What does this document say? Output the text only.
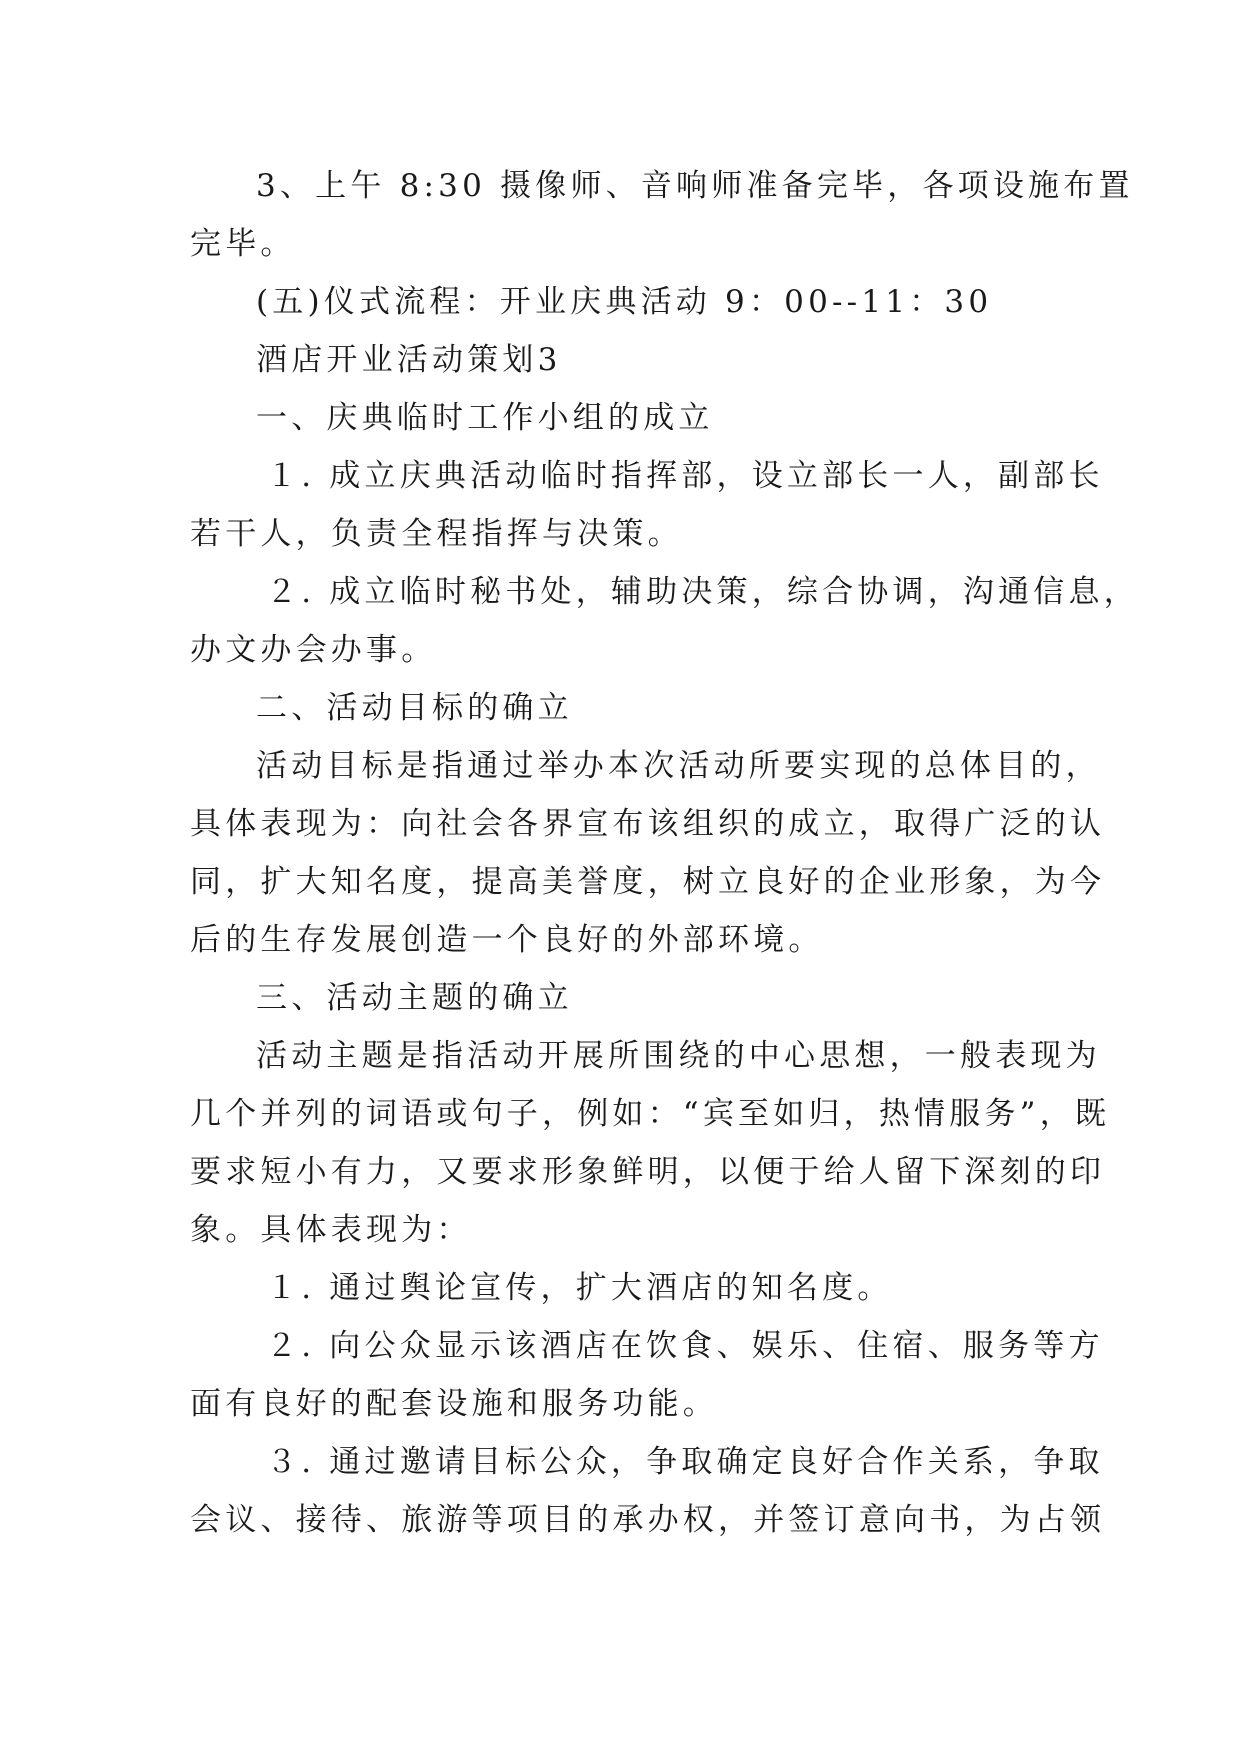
3、上午 8:30 摄像师、音响师准备完毕，各项设施布置

完毕。

(五)仪式流程：开业庆典活动 9：00--11：30

酒店开业活动策划3

一、庆典临时工作小组的成立

１. 成立庆典活动临时指挥部，设立部长一人，副部长

若干人，负责全程指挥与决策。

２. 成立临时秘书处，辅助决策，综合协调，沟通信息，

办文办会办事。

二、活动目标的确立

活动目标是指通过举办本次活动所要实现的总体目的，

具体表现为：向社会各界宣布该组织的成立，取得广泛的认

同，扩大知名度，提高美誉度，树立良好的企业形象，为今

后的生存发展创造一个良好的外部环境。

三、活动主题的确立

活动主题是指活动开展所围绕的中心思想，一般表现为

几个并列的词语或句子，例如：“宾至如归，热情服务”，既

要求短小有力，又要求形象鲜明，以便于给人留下深刻的印

象。具体表现为：

１. 通过舆论宣传，扩大酒店的知名度。

２. 向公众显示该酒店在饮食、娱乐、住宿、服务等方

面有良好的配套设施和服务功能。

３. 通过邀请目标公众，争取确定良好合作关系，争取

会议、接待、旅游等项目的承办权，并签订意向书，为占领
